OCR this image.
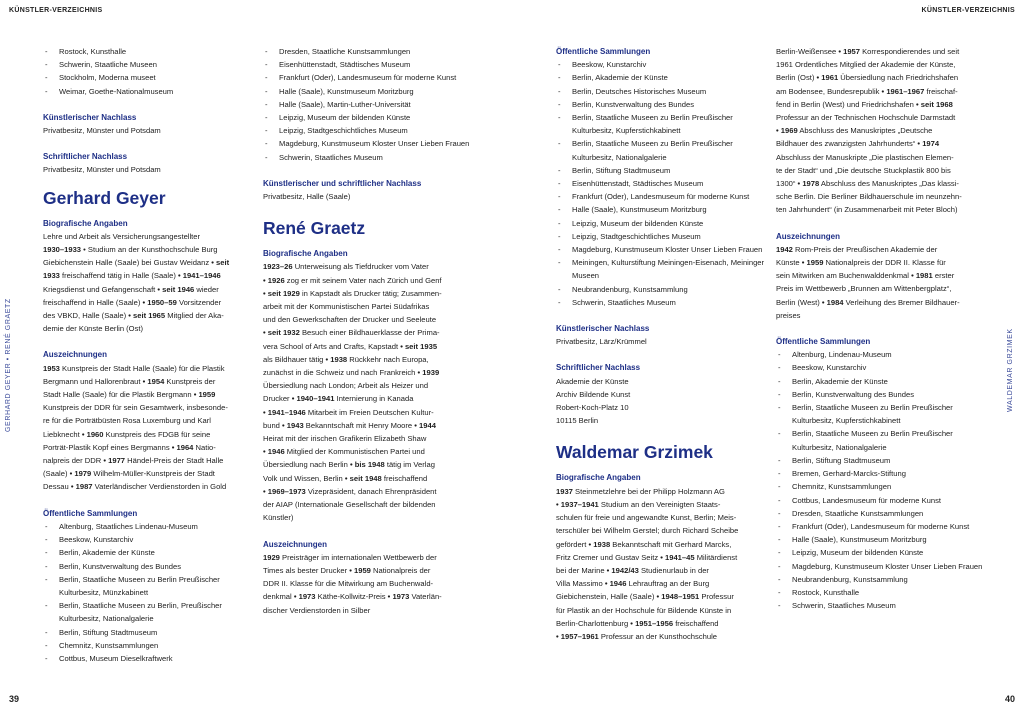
KÜNSTLER-VERZEICHNIS	KÜNSTLER-VERZEICHNIS
GERHARD GEYER • RENÉ GRAETZ	WALDEMAR GRZIMEK
39	40
- Rostock, Kunsthalle
- Schwerin, Staatliche Museen
- Stockholm, Moderna museet
- Weimar, Goethe-Nationalmuseum

Künstlerischer Nachlass

Privatbesitz, Münster und Potsdam

Schriftlicher Nachlass

Privatbesitz, Münster und Potsdam

Gerhard Geyer

Biografische Angaben

Lehre und Arbeit als Versicherungsangestellter

1930–1933 • Studium an der Kunsthochschule Burg

Giebichenstein Halle (Saale) bei Gustav Weidanz • seit

1933 freischaffend tätig in Halle (Saale) • 1941–1946

Kriegsdienst und Gefangenschaft • seit 1946 wieder

freischaffend in Halle (Saale) • 1950–59 Vorsitzender

des VBKD, Halle (Saale) • seit 1965 Mitglied der Aka-

demie der Künste Berlin (Ost)

Auszeichnungen

1953 Kunstpreis der Stadt Halle (Saale) für die Plastik

Bergmann und Hallorenbraut • 1954 Kunstpreis der

Stadt Halle (Saale) für die Plastik Bergmann • 1959

Kunstpreis der DDR für sein Gesamtwerk, insbesonde-

re für die Porträtbüsten Rosa Luxemburg und Karl

Liebknecht • 1960 Kunstpreis des FDGB für seine

Porträt-Plastik Kopf eines Bergmanns • 1964 Natio-

nalpreis der DDR • 1977 Händel-Preis der Stadt Halle

(Saale) • 1979 Wilhelm-Müller-Kunstpreis der Stadt

Dessau • 1987 Vaterländischer Verdienstorden in Gold

Öffentliche Sammlungen

- Altenburg, Staatliches Lindenau-Museum
- Beeskow, Kunstarchiv
- Berlin, Akademie der Künste
- Berlin, Kunstverwaltung des Bundes
- Berlin, Staatliche Museen zu Berlin Preußischer Kulturbesitz, Münzkabinett
- Berlin, Staatliche Museen zu Berlin, Preußischer Kulturbesitz, Nationalgalerie
- Berlin, Stiftung Stadtmuseum
- Chemnitz, Kunstsammlungen
- Cottbus, Museum Dieselkraftwerk
- Dresden, Staatliche Kunstsammlungen
- Eisenhüttenstadt, Städtisches Museum
- Frankfurt (Oder), Landesmuseum für moderne Kunst
- Halle (Saale), Kunstmuseum Moritzburg
- Halle (Saale), Martin-Luther-Universität
- Leipzig, Museum der bildenden Künste
- Leipzig, Stadtgeschichtliches Museum
- Magdeburg, Kunstmuseum Kloster Unser Lieben Frauen
- Schwerin, Staatliches Museum

Künstlerischer und schriftlicher Nachlass

Privatbesitz, Halle (Saale)

René Graetz

Biografische Angaben

1923–26 Unterweisung als Tiefdrucker vom Vater

• 1926 zog er mit seinem Vater nach Zürich und Genf

• seit 1929 in Kapstadt als Drucker tätig; Zusammen-

arbeit mit der Kommunistischen Partei Südafrikas

und den Gewerkschaften der Drucker und Seeleute

• seit 1932 Besuch einer Bildhauerklasse der Prima-

vera School of Arts and Crafts, Kapstadt • seit 1935

als Bildhauer tätig • 1938 Rückkehr nach Europa,

zunächst in die Schweiz und nach Frankreich • 1939

Übersiedlung nach London; Arbeit als Heizer und

Drucker • 1940–1941 Internierung in Kanada

• 1941–1946 Mitarbeit im Freien Deutschen Kultur-

bund • 1943 Bekanntschaft mit Henry Moore • 1944

Heirat mit der irischen Grafikerin Elizabeth Shaw

• 1946 Mitglied der Kommunistischen Partei und

Übersiedlung nach Berlin • bis 1948 tätig im Verlag

Volk und Wissen, Berlin • seit 1948 freischaffend

• 1969–1973 Vizepräsident, danach Ehrenpräsident

der AIAP (Internationale Gesellschaft der bildenden

Künstler)

Auszeichnungen

1929 Preisträger im internationalen Wettbewerb der

Times als bester Drucker • 1959 Nationalpreis der

DDR II. Klasse für die Mitwirkung am Buchenwald-

denkmal • 1973 Käthe-Kollwitz-Preis • 1973 Vaterlän-

discher Verdienstorden in Silber

Öffentliche Sammlungen

- Beeskow, Kunstarchiv
- Berlin, Akademie der Künste
- Berlin, Deutsches Historisches Museum
- Berlin, Kunstverwaltung des Bundes
- Berlin, Staatliche Museen zu Berlin Preußischer Kulturbesitz, Kupferstichkabinett
- Berlin, Staatliche Museen zu Berlin Preußischer Kulturbesitz, Nationalgalerie
- Berlin, Stiftung Stadtmuseum
- Eisenhüttenstadt, Städtisches Museum
- Frankfurt (Oder), Landesmuseum für moderne Kunst
- Halle (Saale), Kunstmuseum Moritzburg
- Leipzig, Museum der bildenden Künste
- Leipzig, Stadtgeschichtliches Museum
- Magdeburg, Kunstmuseum Kloster Unser Lieben Frauen
- Meiningen, Kulturstiftung Meiningen-Eisenach, Meininger Museen
- Neubrandenburg, Kunstsammlung
- Schwerin, Staatliches Museum

Künstlerischer Nachlass

Privatbesitz, Lärz/Krümmel

Schriftlicher Nachlass

Akademie der Künste

Archiv Bildende Kunst

Robert-Koch-Platz 10

10115 Berlin

Waldemar Grzimek

Biografische Angaben

1937 Steinmetzlehre bei der Philipp Holzmann AG

• 1937–1941 Studium an den Vereinigten Staats-

schulen für freie und angewandte Kunst, Berlin; Meis-

terschüler bei Wilhelm Gerstel; durch Richard Scheibe

gefördert • 1938 Bekanntschaft mit Gerhard Marcks,

Fritz Cremer und Gustav Seitz • 1941–45 Militärdienst

bei der Marine • 1942/43 Studienurlaub in der

Villa Massimo • 1946 Lehrauftrag an der Burg

Giebichenstein, Halle (Saale) • 1948–1951 Professur

für Plastik an der Hochschule für Bildende Künste in

Berlin-Charlottenburg • 1951–1956 freischaffend

• 1957–1961 Professur an der Kunsthochschule

Berlin-Weißensee • 1957 Korrespondierendes und seit

1961 Ordentliches Mitglied der Akademie der Künste,

Berlin (Ost) • 1961 Übersiedlung nach Friedrichshafen

am Bodensee, Bundesrepublik • 1961–1967 freischaf-

fend in Berlin (West) und Friedrichshafen • seit 1968

Professur an der Technischen Hochschule Darmstadt

• 1969 Abschluss des Manuskriptes „Deutsche

Bildhauer des zwanzigsten Jahrhunderts“ • 1974

Abschluss der Manuskripte „Die plastischen Elemen-

te der Stadt“ und „Die deutsche Stuckplastik 800 bis

1300“ • 1978 Abschluss des Manuskriptes „Das klassi-

sche Berlin. Die Berliner Bildhauerschule im neunzehn-

ten Jahrhundert“ (in Zusammenarbeit mit Peter Bloch)

Auszeichnungen

1942 Rom-Preis der Preußischen Akademie der

Künste • 1959 Nationalpreis der DDR II. Klasse für

sein Mitwirken am Buchenwalddenkmal • 1981 erster

Preis im Wettbewerb „Brunnen am Wittenbergplatz“,

Berlin (West) • 1984 Verleihung des Bremer Bildhauer-

preises

Öffentliche Sammlungen

- Altenburg, Lindenau-Museum
- Beeskow, Kunstarchiv
- Berlin, Akademie der Künste
- Berlin, Kunstverwaltung des Bundes
- Berlin, Staatliche Museen zu Berlin Preußischer Kulturbesitz, Kupferstichkabinett
- Berlin, Staatliche Museen zu Berlin Preußischer Kulturbesitz, Nationalgalerie
- Berlin, Stiftung Stadtmuseum
- Bremen, Gerhard-Marcks-Stiftung
- Chemnitz, Kunstsammlungen
- Cottbus, Landesmuseum für moderne Kunst
- Dresden, Staatliche Kunstsammlungen
- Frankfurt (Oder), Landesmuseum für moderne Kunst
- Halle (Saale), Kunstmuseum Moritzburg
- Leipzig, Museum der bildenden Künste
- Magdeburg, Kunstmuseum Kloster Unser Lieben Frauen
- Neubrandenburg, Kunstsammlung
- Rostock, Kunsthalle
- Schwerin, Staatliches Museum
